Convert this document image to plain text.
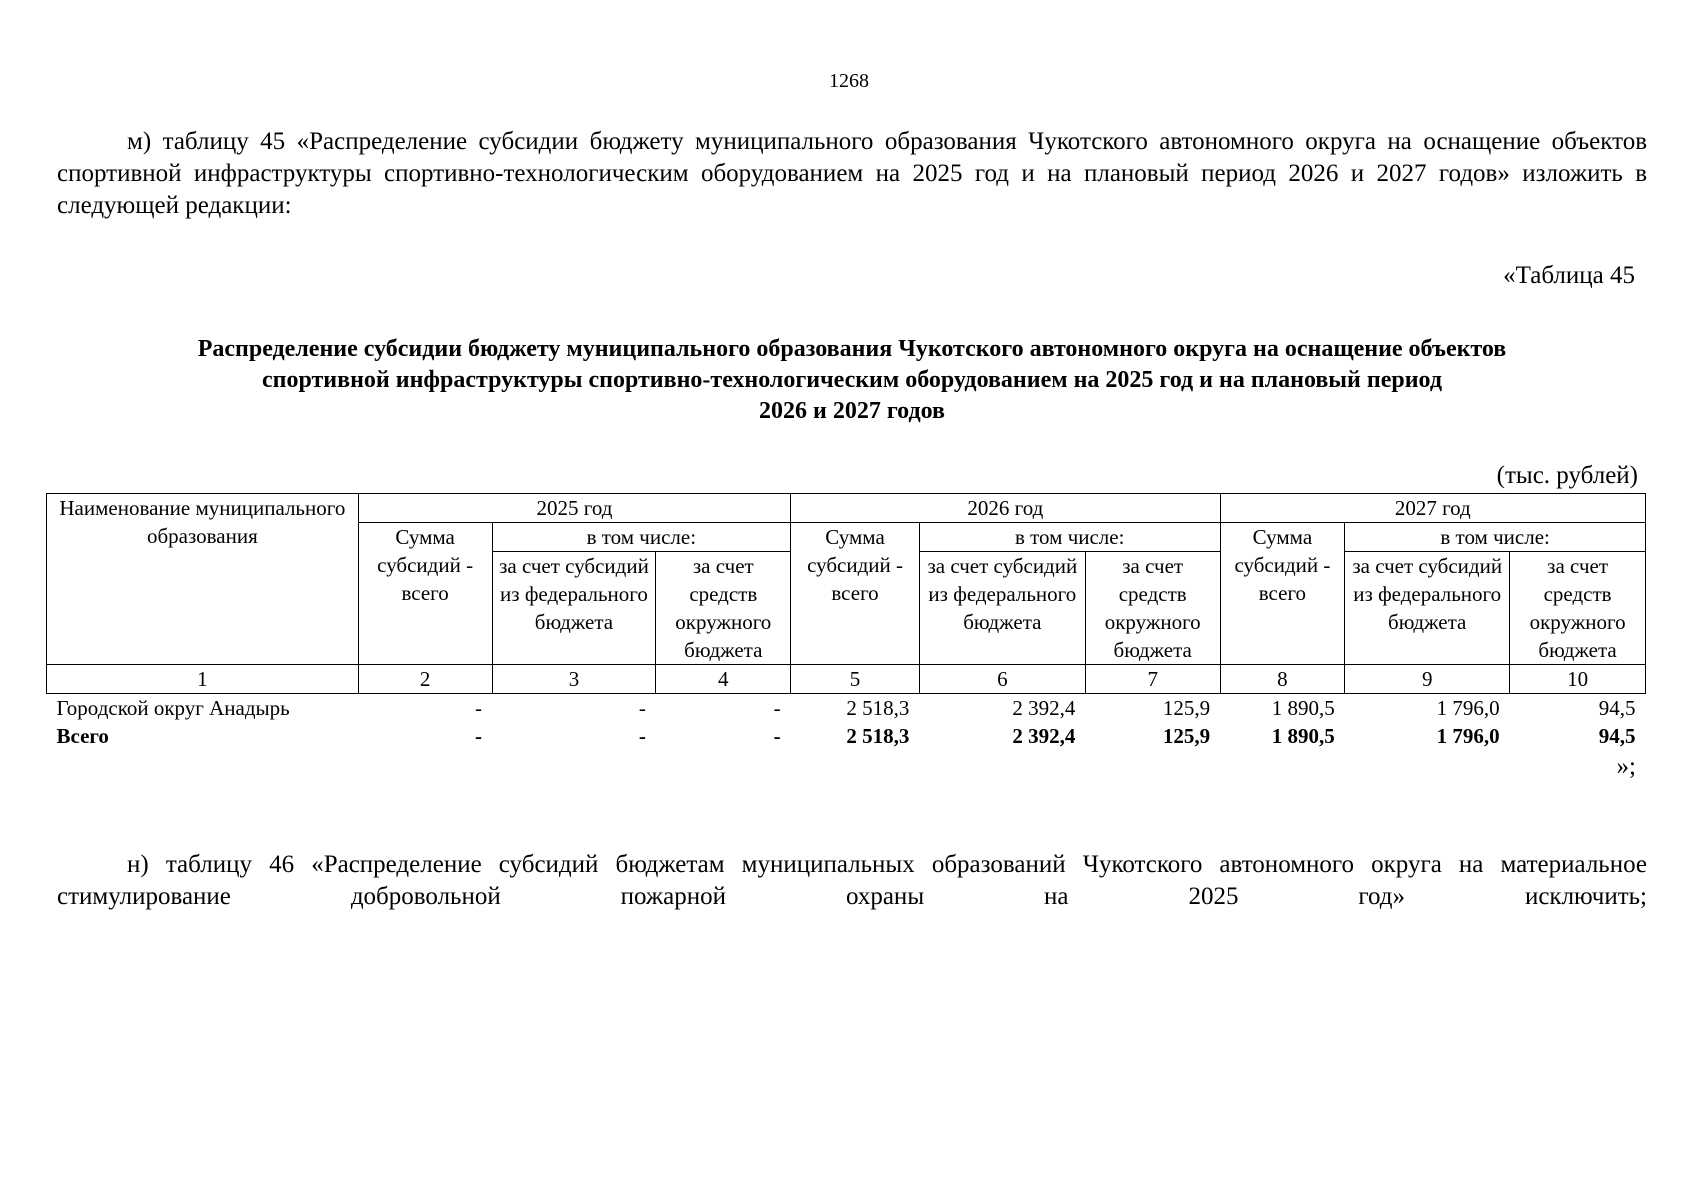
1268
м) таблицу 45 «Распределение субсидии бюджету муниципального образования Чукотского автономного округа на оснащение объектов спортивной инфраструктуры спортивно-технологическим оборудованием на 2025 год и на плановый период 2026 и 2027 годов» изложить в следующей редакции:
«Таблица 45
Распределение субсидии бюджету муниципального образования Чукотского автономного округа на оснащение объектов
спортивной инфраструктуры спортивно-технологическим оборудованием на 2025 год и на плановый период
2026 и 2027 годов
(тыс. рублей)
Наименование муниципального образования	2025 год			2026 год			2027 год		
	Сумма субсидий - всего	в том числе:		Сумма субсидий - всего	в том числе:		Сумма субсидий - всего	в том числе:	
		за счет субсидий из федерального бюджета	за счет средств окружного бюджета		за счет субсидий из федерального бюджета	за счет средств окружного бюджета		за счет субсидий из федерального бюджета	за счет средств окружного бюджета
1	2	3	4	5	6	7	8	9	10
Городской округ Анадырь	-	-	-	2 518,3	2 392,4	125,9	1 890,5	1 796,0	94,5
Всего	-	-	-	2 518,3	2 392,4	125,9	1 890,5	1 796,0	94,5
»;
н) таблицу 46 «Распределение субсидий бюджетам муниципальных образований Чукотского автономного округа на материальное стимулирование добровольной пожарной охраны на 2025 год» исключить;
